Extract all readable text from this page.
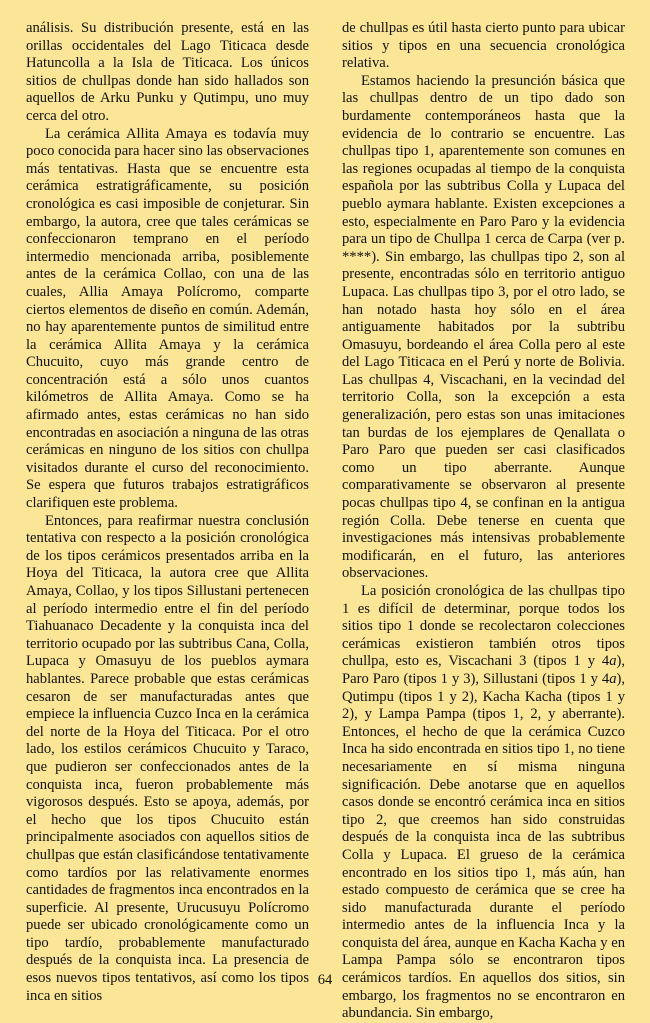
análisis. Su distribución presente, está en las orillas occidentales del Lago Titicaca desde Hatuncolla a la Isla de Titicaca. Los únicos sitios de chullpas donde han sido hallados son aquellos de Arku Punku y Qutimpu, uno muy cerca del otro.

La cerámica Allita Amaya es todavía muy poco conocida para hacer sino las observaciones más tentativas. Hasta que se encuentre esta cerámica estratigráficamente, su posición cronológica es casi imposible de conjeturar. Sin embargo, la autora, cree que tales cerámicas se confeccionaron temprano en el período intermedio mencionada arriba, posiblemente antes de la cerámica Collao, con una de las cuales, Allia Amaya Polícromo, comparte ciertos elementos de diseño en común. Ademán, no hay aparentemente puntos de similitud entre la cerámica Allita Amaya y la cerámica Chucuito, cuyo más grande centro de concentración está a sólo unos cuantos kilómetros de Allita Amaya. Como se ha afirmado antes, estas cerámicas no han sido encontradas en asociación a ninguna de las otras cerámicas en ninguno de los sitios con chullpa visitados durante el curso del reconocimiento. Se espera que futuros trabajos estratigráficos clarifiquen este problema.

Entonces, para reafirmar nuestra conclusión tentativa con respecto a la posición cronológica de los tipos cerámicos presentados arriba en la Hoya del Titicaca, la autora cree que Allita Amaya, Collao, y los tipos Sillustani pertenecen al período intermedio entre el fin del período Tiahuanaco Decadente y la conquista inca del territorio ocupado por las subtribus Cana, Colla, Lupaca y Omasuyu de los pueblos aymara hablantes. Parece probable que estas cerámicas cesaron de ser manufacturadas antes que empiece la influencia Cuzco Inca en la cerámica del norte de la Hoya del Titicaca. Por el otro lado, los estilos cerámicos Chucuito y Taraco, que pudieron ser confeccionados antes de la conquista inca, fueron probablemente más vigorosos después. Esto se apoya, además, por el hecho que los tipos Chucuito están principalmente asociados con aquellos sitios de chullpas que están clasificándose tentativamente como tardíos por las relativamente enormes cantidades de fragmentos inca encontrados en la superficie. Al presente, Urucusuyu Polícromo puede ser ubicado cronológicamente como un tipo tardío, probablemente manufacturado después de la conquista inca. La presencia de esos nuevos tipos tentativos, así como los tipos inca en sitios

de chullpas es útil hasta cierto punto para ubicar sitios y tipos en una secuencia cronológica relativa.

Estamos haciendo la presunción básica que las chullpas dentro de un tipo dado son burdamente contemporáneos hasta que la evidencia de lo contrario se encuentre. Las chullpas tipo 1, aparentemente son comunes en las regiones ocupadas al tiempo de la conquista española por las subtribus Colla y Lupaca del pueblo aymara hablante. Existen excepciones a esto, especialmente en Paro Paro y la evidencia para un tipo de Chullpa 1 cerca de Carpa (ver p. ****). Sin embargo, las chullpas tipo 2, son al presente, encontradas sólo en territorio antiguo Lupaca. Las chullpas tipo 3, por el otro lado, se han notado hasta hoy sólo en el área antiguamente habitados por la subtribu Omasuyu, bordeando el área Colla pero al este del Lago Titicaca en el Perú y norte de Bolivia. Las chullpas 4, Viscachani, en la vecindad del territorio Colla, son la excepción a esta generalización, pero estas son unas imitaciones tan burdas de los ejemplares de Qenallata o Paro Paro que pueden ser casi clasificados como un tipo aberrante. Aunque comparativamente se observaron al presente pocas chullpas tipo 4, se confinan en la antigua región Colla. Debe tenerse en cuenta que investigaciones más intensivas probablemente modificarán, en el futuro, las anteriores observaciones.

La posición cronológica de las chullpas tipo 1 es difícil de determinar, porque todos los sitios tipo 1 donde se recolectaron colecciones cerámicas existieron también otros tipos chullpa, esto es, Viscachani 3 (tipos 1 y 4a), Paro Paro (tipos 1 y 3), Sillustani (tipos 1 y 4a), Qutimpu (tipos 1 y 2), Kacha Kacha (tipos 1 y 2), y Lampa Pampa (tipos 1, 2, y aberrante). Entonces, el hecho de que la cerámica Cuzco Inca ha sido encontrada en sitios tipo 1, no tiene necesariamente en sí misma ninguna significación. Debe anotarse que en aquellos casos donde se encontró cerámica inca en sitios tipo 2, que creemos han sido construidas después de la conquista inca de las subtribus Colla y Lupaca. El grueso de la cerámica encontrado en los sitios tipo 1, más aún, han estado compuesto de cerámica que se cree ha sido manufacturada durante el período intermedio antes de la influencia Inca y la conquista del área, aunque en Kacha Kacha y en Lampa Pampa sólo se encontraron tipos cerámicos tardíos. En aquellos dos sitios, sin embargo, los fragmentos no se encontraron en abundancia. Sin embargo,

64
